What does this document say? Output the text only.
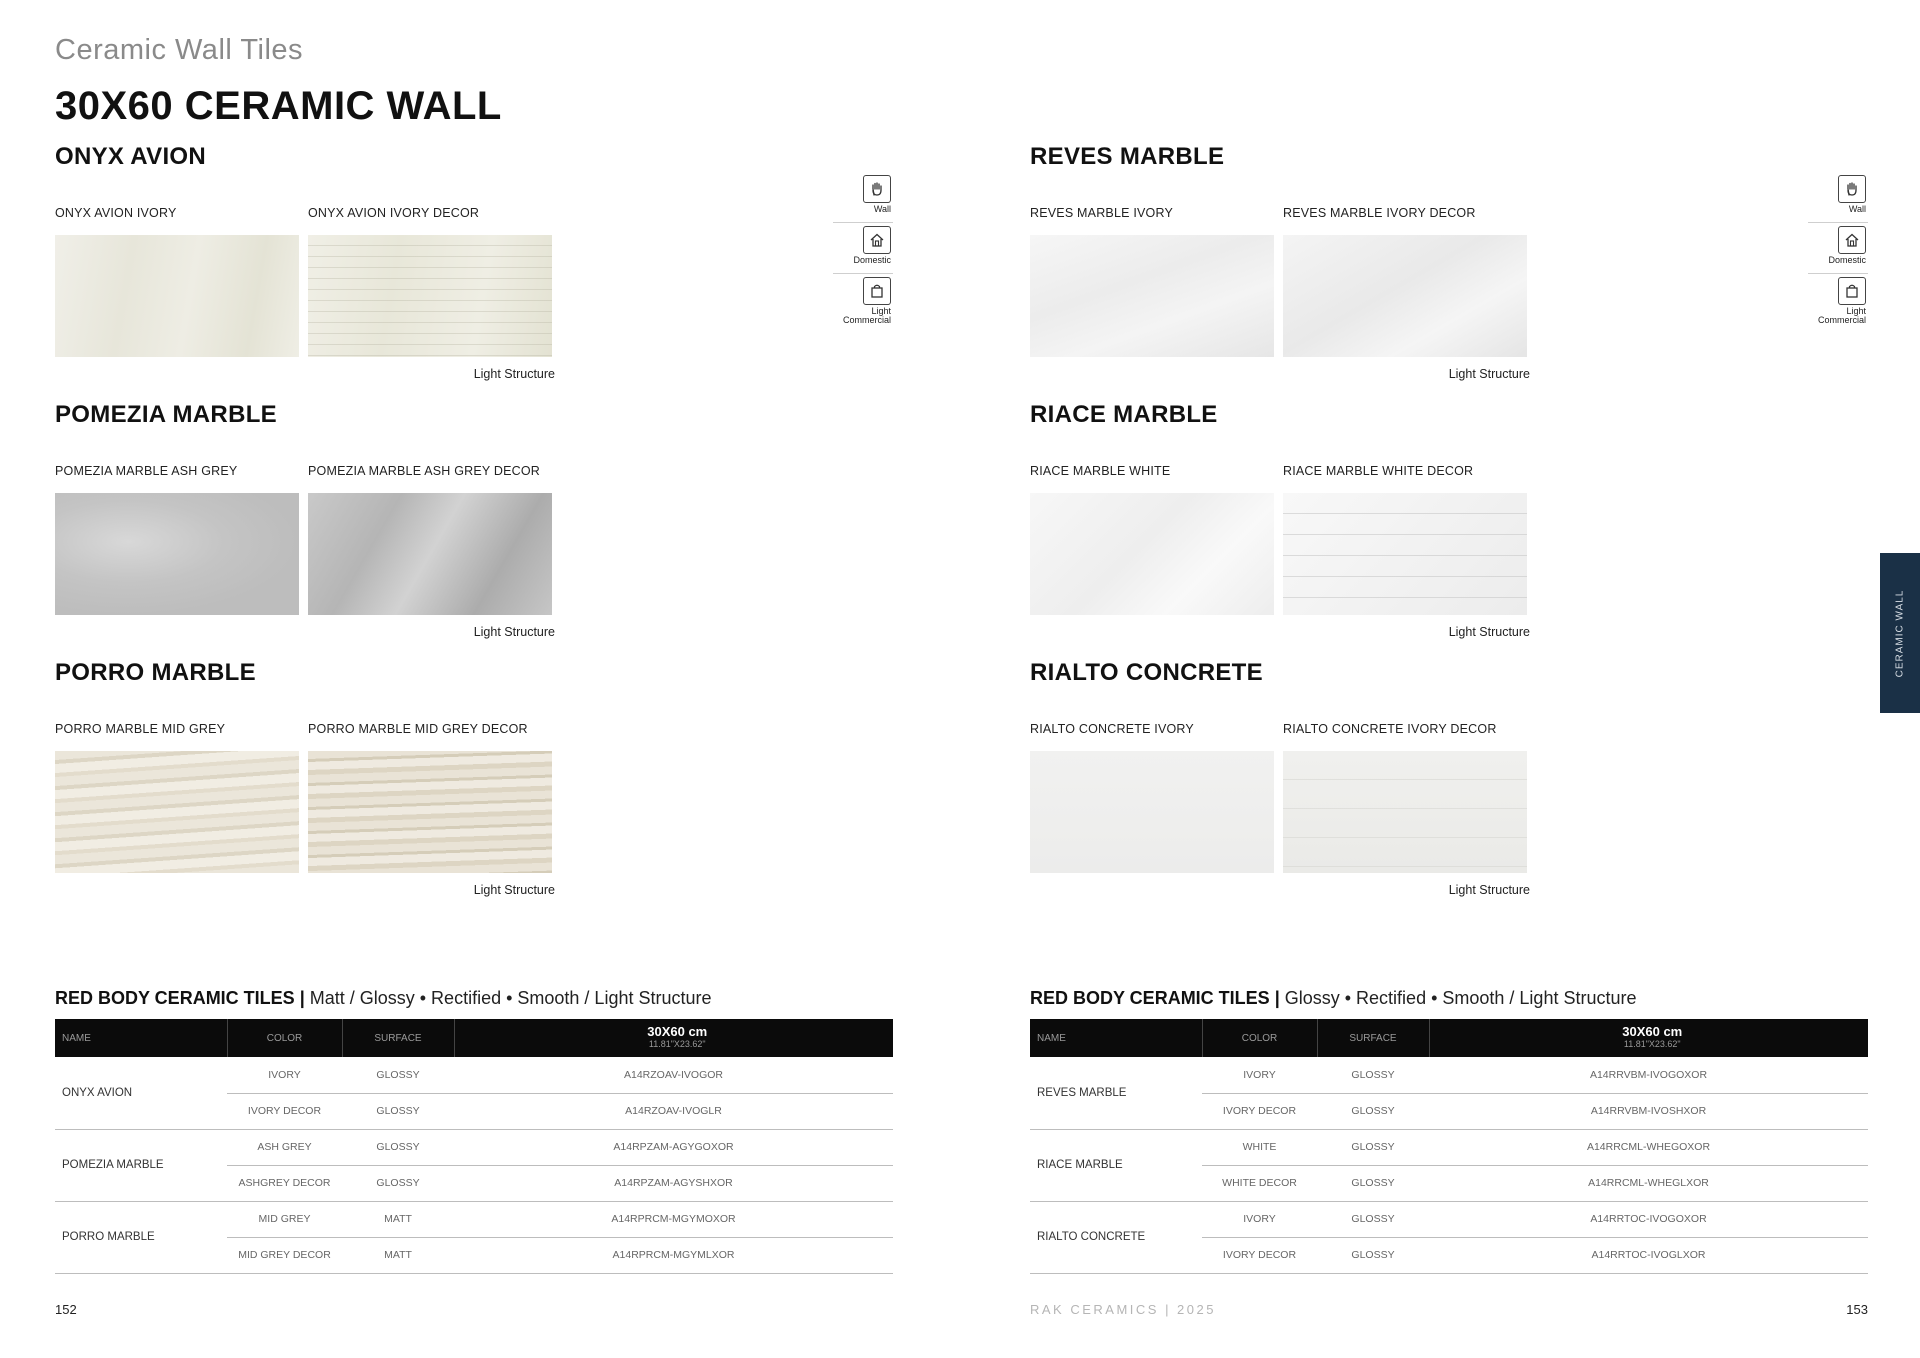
Ceramic Wall Tiles
30X60 CERAMIC WALL
ONYX AVION
ONYX AVION IVORY	ONYX AVION IVORY DECOR
Light Structure
POMEZIA MARBLE
POMEZIA MARBLE ASH GREY	POMEZIA MARBLE ASH GREY DECOR
Light Structure
PORRO MARBLE
PORRO MARBLE MID GREY	PORRO MARBLE MID GREY DECOR
Light Structure
Wall
Domestic
Light Commercial
RED BODY CERAMIC TILES | Matt / Glossy • Rectified • Smooth / Light Structure
NAME	COLOR	SURFACE	30X60 cm
11.81"X23.62"

ONYX AVION	IVORY	GLOSSY	A14RZOAV-IVOGOR
	IVORY DECOR	GLOSSY	A14RZOAV-IVOGLR
POMEZIA MARBLE	ASH GREY	GLOSSY	A14RPZAM-AGYGOXOR
	ASHGREY DECOR	GLOSSY	A14RPZAM-AGYSHXOR
PORRO MARBLE	MID GREY	MATT	A14RPRCM-MGYMOXOR
	MID GREY DECOR	MATT	A14RPRCM-MGYMLXOR
152
REVES MARBLE
REVES MARBLE IVORY	REVES MARBLE IVORY DECOR
Light Structure
RIACE MARBLE
RIACE MARBLE WHITE	RIACE MARBLE WHITE DECOR
Light Structure
RIALTO CONCRETE
RIALTO CONCRETE IVORY	RIALTO CONCRETE IVORY DECOR
Light Structure
Wall
Domestic
Light Commercial
RED BODY CERAMIC TILES | Glossy • Rectified • Smooth / Light Structure
NAME	COLOR	SURFACE	30X60 cm
11.81"X23.62"

REVES MARBLE	IVORY	GLOSSY	A14RRVBM-IVOGOXOR
	IVORY DECOR	GLOSSY	A14RRVBM-IVOSHXOR
RIACE MARBLE	WHITE	GLOSSY	A14RRCML-WHEGOXOR
	WHITE DECOR	GLOSSY	A14RRCML-WHEGLXOR
RIALTO CONCRETE	IVORY	GLOSSY	A14RRTOC-IVOGOXOR
	IVORY DECOR	GLOSSY	A14RRTOC-IVOGLXOR
RAK CERAMICS | 2025	153
CERAMIC WALL
